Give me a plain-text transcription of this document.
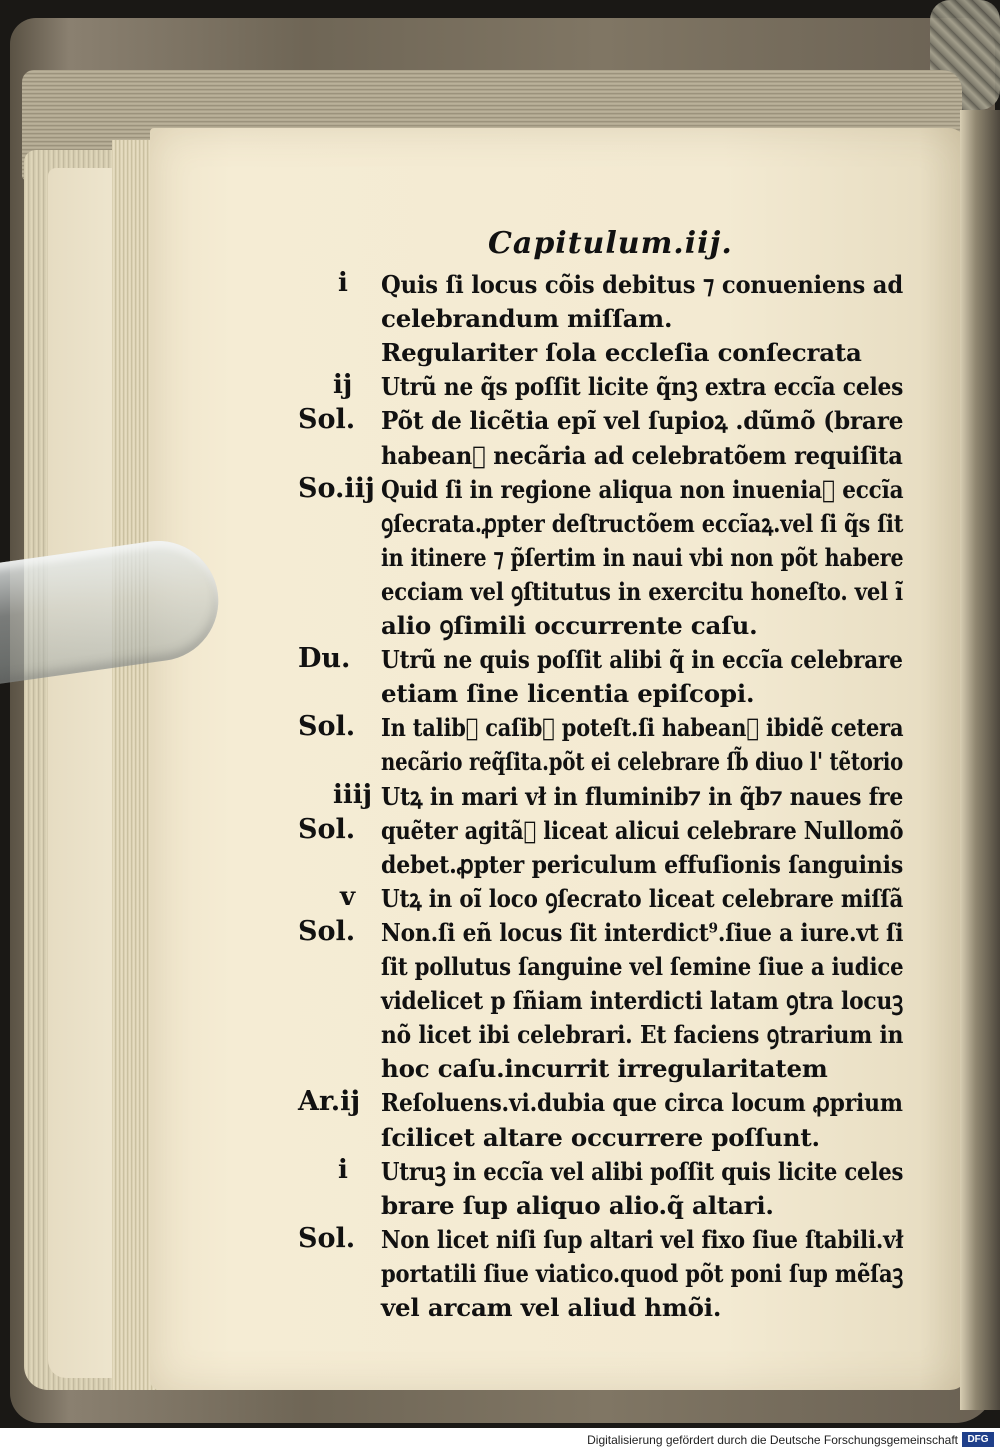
Capitulum.iij.
i Quis ſi locus cõis debitus ⁊ conueniens ad
celebrandum miſſam.
Regulariter ſola eccleſia conſecrata
ij Utrũ ne q̃s poſſit licite q̃nꝫ extra eccĩa celes
Sol. Põt de licẽtia epĩ vel ſupioꝝ .dũmõ (brare
habeanᷓ necãria ad celebratõem requiſita
So.iij Quid ſi in regione aliqua non inueniaᷓ eccĩa
ꝯſecrata.ꝓpter deſtructõem eccĩaꝝ.vel ſi q̃s ſit
in itinere ⁊ p̃ſertim in naui vbi non põt habere
ecciam vel ꝯſtitutus in exercitu honeſto. vel ĩ
alio ꝯſimili occurrente caſu.
Du. Utrũ ne quis poſſit alibi q̃ in eccĩa celebrare
etiam ſine licentia epiſcopi.
Sol. In talib⁊ caſib⁊ poteſt.ſi habeanᷓ ibidẽ cetera
necãrio req̃ſita.põt ei celebrare ſb̃ diuo l' tẽtorio
iiij Utꝝ in mari vł in fluminib⁊ in q̃b⁊ naues fre
Sol. quẽter agitãᷓ liceat alicui celebrare Nullomõ
debet.ꝓpter periculum effuſionis ſanguinis
v Utꝝ in oĩ loco ꝯſecrato liceat celebrare miſſã
Sol. Non.ſi eñ locus ſit interdict⁹.ſiue a iure.vt ſi
ſit pollutus ſanguine vel ſemine ſiue a iudice
videlicet p ſñiam interdicti latam ꝯtra locuꝫ
nõ licet ibi celebrari. Et faciens ꝯtrarium in
hoc caſu.incurrit irregularitatem
Ar.ij Reſoluens.vi.dubia que circa locum ꝓprium
ſcilicet altare occurrere poſſunt.
i Utruꝫ in eccĩa vel alibi poſſit quis licite celes
brare ſup aliquo alio.q̃ altari.
Sol. Non licet niſi ſup altari vel fixo ſiue ſtabili.vł
portatili ſiue viatico.quod põt poni ſup mẽſaꝫ
vel arcam vel aliud hmõi.
Digitalisierung gefördert durch die Deutsche Forschungsgemeinschaft DFG
